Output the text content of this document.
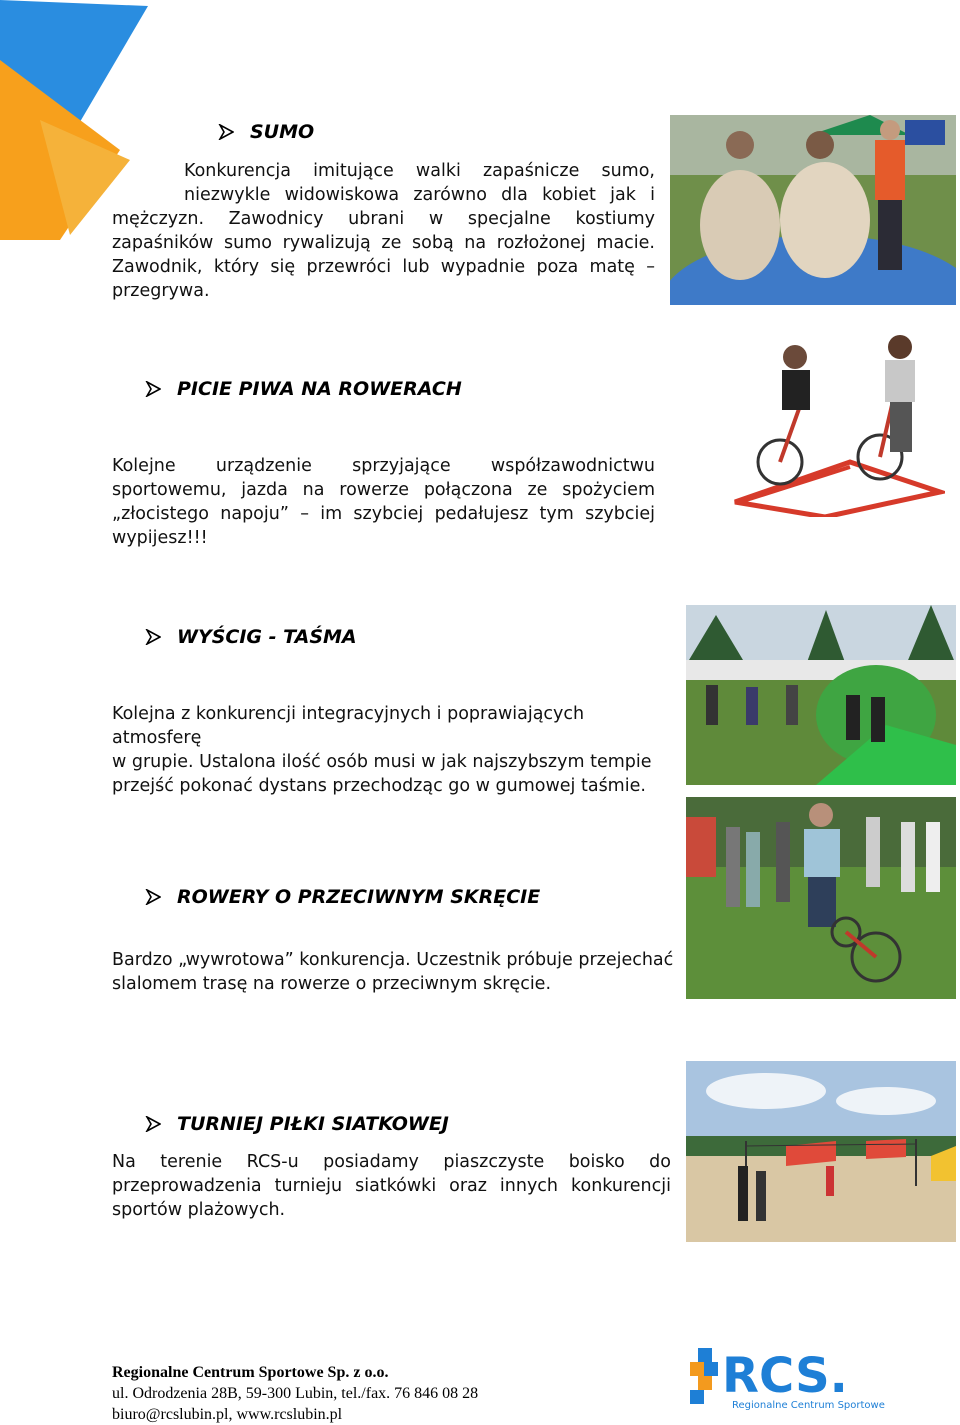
SUMO
Konkurencja imitujące walki zapaśnicze sumo,
niezwykle widowiskowa zarówno dla kobiet jak i
mężczyzn. Zawodnicy ubrani w specjalne kostiumy
zapaśników sumo rywalizują ze sobą na rozłożonej macie.
Zawodnik, który się przewróci lub wypadnie poza matę –
przegrywa.
PICIE PIWA NA ROWERACH
Kolejne urządzenie sprzyjające współzawodnictwu
sportowemu, jazda na rowerze połączona ze spożyciem
„złocistego napoju” – im szybciej pedałujesz tym szybciej
wypijesz!!!
WYŚCIG - TAŚMA
Kolejna z konkurencji integracyjnych i poprawiających atmosferę
w grupie. Ustalona ilość osób musi w jak najszybszym tempie
przejść pokonać dystans przechodząc go w gumowej taśmie.
ROWERY O PRZECIWNYM SKRĘCIE
Bardzo „wywrotowa” konkurencja. Uczestnik próbuje przejechać
slalomem trasę na rowerze o przeciwnym skręcie.
TURNIEJ PIŁKI SIATKOWEJ
Na terenie RCS-u posiadamy piaszczyste boisko do
przeprowadzenia turnieju siatkówki oraz innych konkurencji
sportów plażowych.
Regionalne Centrum Sportowe Sp. z o.o.
ul. Odrodzenia 28B, 59-300 Lubin, tel./fax. 76 846 08 28
biuro@rcslubin.pl, www.rcslubin.pl
RCS.
Regionalne Centrum Sportowe
